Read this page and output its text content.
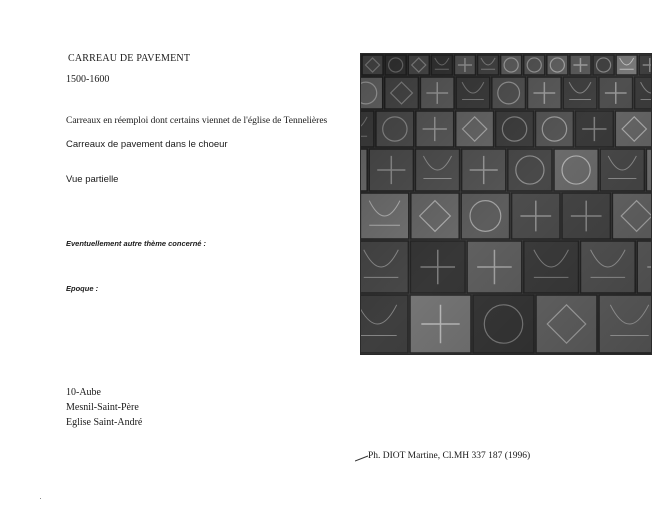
CARREAU DE PAVEMENT
1500-1600
Carreaux en réemploi dont certains viennet de l'église de Tennelières
Carreaux de pavement dans le choeur
Vue partielle
Eventuellement autre thème concerné :
Epoque :
10-Aube
Mesnil-Saint-Père
Eglise Saint-André
Ph. DIOT Martine, Cl.MH 337 187 (1996)
